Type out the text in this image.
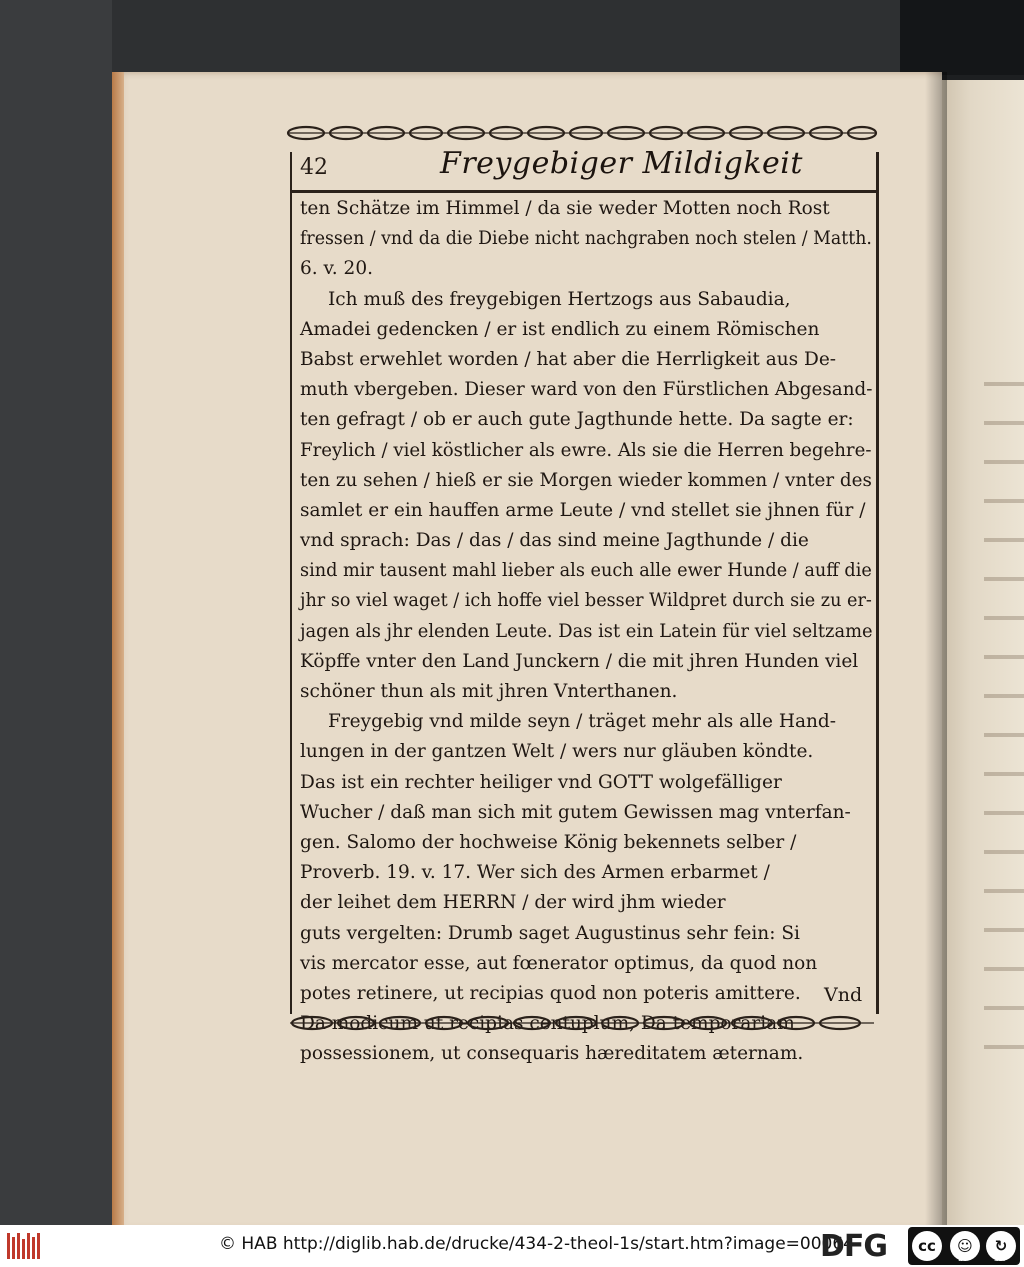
42	Freygebiger Mildigkeit
ten Schätze im Himmel / da sie weder Motten noch Rost
fressen / vnd da die Diebe nicht nachgraben noch stelen / Matth.
6. v. 20.
Ich muß des freygebigen Hertzogs aus Sabaudia,
Amadei gedencken / er ist endlich zu einem Römischen
Babst erwehlet worden / hat aber die Herrligkeit aus De-
muth vbergeben. Dieser ward von den Fürstlichen Abgesand-
ten gefragt / ob er auch gute Jagthunde hette. Da sagte er:
Freylich / viel köstlicher als ewre. Als sie die Herren begehre-
ten zu sehen / hieß er sie Morgen wieder kommen / vnter des
samlet er ein hauffen arme Leute / vnd stellet sie jhnen für /
vnd sprach: Das / das / das sind meine Jagthunde / die
sind mir tausent mahl lieber als euch alle ewer Hunde / auff die
jhr so viel waget / ich hoffe viel besser Wildpret durch sie zu er-
jagen als jhr elenden Leute. Das ist ein Latein für viel seltzame
Köpffe vnter den Land Junckern / die mit jhren Hunden viel
schöner thun als mit jhren Vnterthanen.
Freygebig vnd milde seyn / träget mehr als alle Hand-
lungen in der gantzen Welt / wers nur gläuben köndte.
Das ist ein rechter heiliger vnd GOTT wolgefälliger
Wucher / daß man sich mit gutem Gewissen mag vnterfan-
gen. Salomo der hochweise König bekennets selber /
Proverb. 19. v. 17. Wer sich des Armen erbarmet /
der leihet dem HERRN / der wird jhm wieder
guts vergelten: Drumb saget Augustinus sehr fein: Si
vis mercator esse, aut fœnerator optimus, da quod non
potes retinere, ut recipias quod non poteris amittere.
Da modicum ut recipias centuplum, Da temporariam
possessionem, ut consequaris hæreditatem æternam.
Vnd
© HAB http://diglib.hab.de/drucke/434-2-theol-1s/start.htm?image=00064
DFG	cc	☺	↻
BY	SA
